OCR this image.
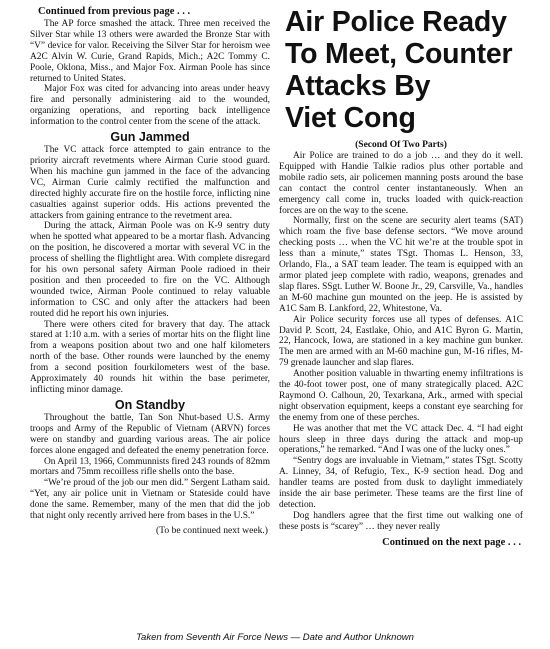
Continued from previous page . . .

The AP force smashed the attack. Three men received the Silver Star while 13 others were awarded the Bronze Star with “V” device for valor. Receiving the Silver Star for heroism wee A2C Alvin W. Curie, Grand Rapids, Mich.; A2C Tommy C. Poole, Oklona, Miss., and Major Fox. Airman Poole has since returned to United States.

Major Fox was cited for advancing into areas under heavy fire and personally administering aid to the wounded, organizing operations, and reporting back intelligence information to the control center from the scene of the attack.

Gun Jammed

The VC attack force attempted to gain entrance to the priority aircraft revetments where Airman Curie stood guard. When his machine gun jammed in the face of the advancing VC, Airman Curie calmly rectified the malfunction and directed highly accurate fire on the hostile force, inflicting nine casualties against superior odds. His actions prevented the attackers from gaining entrance to the revetment area.

During the attack, Airman Poole was on K-9 sentry duty when he spotted what appeared to be a mortar flash. Advancing on the position, he discovered a mortar with several VC in the process of shelling the flightlight area. With complete disregard for his own personal safety Airman Poole radioed in their position and then proceeded to fire on the VC. Although wounded twice, Airman Poole continued to relay valuable information to CSC and only after the attackers had been routed did he report his own injuries.

There were others cited for bravery that day. The attack stared at 1:10 a.m. with a series of mortar hits on the flight line from a weapons position about two and one half kilometers north of the base. Other rounds were launched by the enemy from a second position fourkilometers west of the base. Approximately 40 rounds hit within the base perimeter, inflicting minor damage.

On Standby

Throughout the battle, Tan Son Nhut-based U.S. Army troops and Army of the Republic of Vietnam (ARVN) forces were on standby and guarding various areas. The air police forces alone engaged and defeated the enemy penetration force.

On April 13, 1966, Communnists fired 243 rounds of 82mm mortars and 75mm recoilless rifle shells onto the base.

“We’re proud of the job our men did.” Sergent Latham said. “Yet, any air police unit in Vietnam or Stateside could have done the same. Remember, many of the men that did the job that night only recently arrived here from bases in the U.S.”

(To be continued next week.)
Air Police Ready
To Meet, Counter
Attacks By
Viet Cong
(Second Of Two Parts)

Air Police are trained to do a job … and they do it well. Equipped with Handie Talkie radios plus other portable and mobile radio sets, air policemen manning posts around the base can contact the control center instantaneously. When an emergency call come in, trucks loaded with quick-reaction forces are on the way to the scene.

Normally, first on the scene are security alert teams (SAT) which roam the five base defense sectors. “We move around checking posts … when the VC hit we’re at the trouble spot in less than a minute,” states TSgt. Thomas L. Henson, 33, Orlando, Fla., a SAT team leader. The team is equipped with an armor plated jeep complete with radio, weapons, grenades and slap flares. SSgt. Luther W. Boone Jr., 29, Carsville, Va., handles an M-60 machine gun mounted on the jeep. He is assisted by A1C Sam B. Lankford, 22, Whitestone, Va.

Air Police security forces use all types of defenses. A1C David P. Scott, 24, Eastlake, Ohio, and A1C Byron G. Martin, 22, Hancock, Iowa, are stationed in a key machine gun bunker. The men are armed with an M-60 machine gun, M-16 rifles, M-79 grenade launcher and slap flares.

Another position valuable in thwarting enemy infiltrations is the 40-foot tower post, one of many strategically placed. A2C Raymond O. Calhoun, 20, Texarkana, Ark., armed with special night observation equipment, keeps a constant eye searching for the enemy from one of these perches.

He was another that met the VC attack Dec. 4. “I had eight hours sleep in three days during the attack and mop-up operations,” he remarked. “And I was one of the lucky ones.”

“Sentry dogs are invaluable in Vietnam,” states TSgt. Scotty A. Linney, 34, of Refugio, Tex., K-9 section head. Dog and handler teams are posted from dusk to daylight immediately inside the air base perimeter. These teams are the first line of detection.

Dog handlers agree that the first time out walking one of these posts is “scarey” … they never really

Continued on the next page . . .
Taken from Seventh Air Force News — Date and Author Unknown
